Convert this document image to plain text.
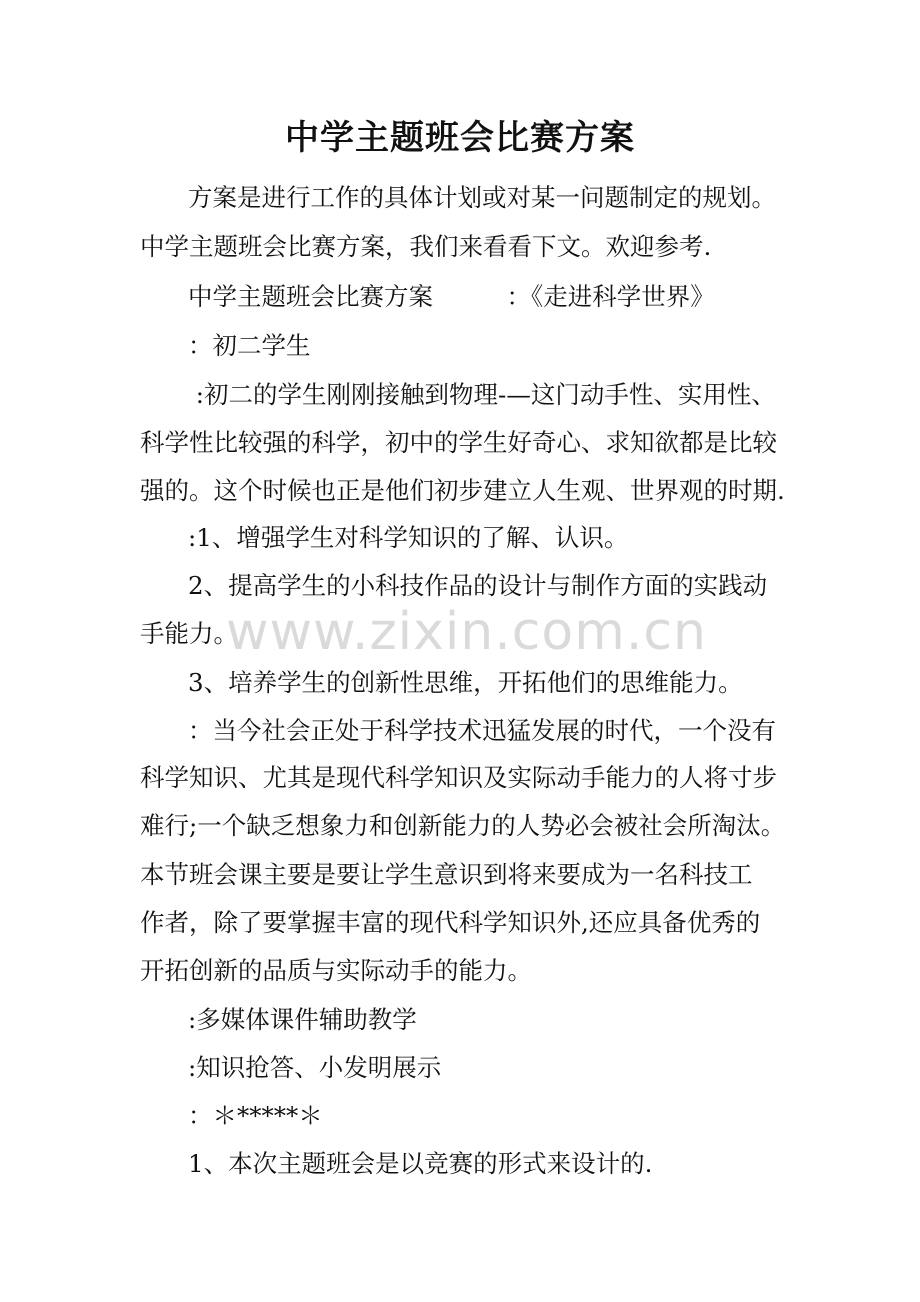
中学主题班会比赛方案
方案是进行工作的具体计划或对某一问题制定的规划。
中学主题班会比赛方案，我们来看看下文。欢迎参考.
中学主题班会比赛方案　　　：《走进科学世界》
：初二学生
:初二的学生刚刚接触到物理-—这门动手性、实用性、
科学性比较强的科学，初中的学生好奇心、求知欲都是比较
强的。这个时候也正是他们初步建立人生观、世界观的时期.
:1、增强学生对科学知识的了解、认识。
2、提高学生的小科技作品的设计与制作方面的实践动
手能力。
3、培养学生的创新性思维，开拓他们的思维能力。
：当今社会正处于科学技术迅猛发展的时代，一个没有
科学知识、尤其是现代科学知识及实际动手能力的人将寸步
难行;一个缺乏想象力和创新能力的人势必会被社会所淘汰。
本节班会课主要是要让学生意识到将来要成为一名科技工
作者，除了要掌握丰富的现代科学知识外,还应具备优秀的
开拓创新的品质与实际动手的能力。
:多媒体课件辅助教学
:知识抢答、小发明展示
：＊*****＊
1、本次主题班会是以竞赛的形式来设计的.
www.zixin.com.cn
